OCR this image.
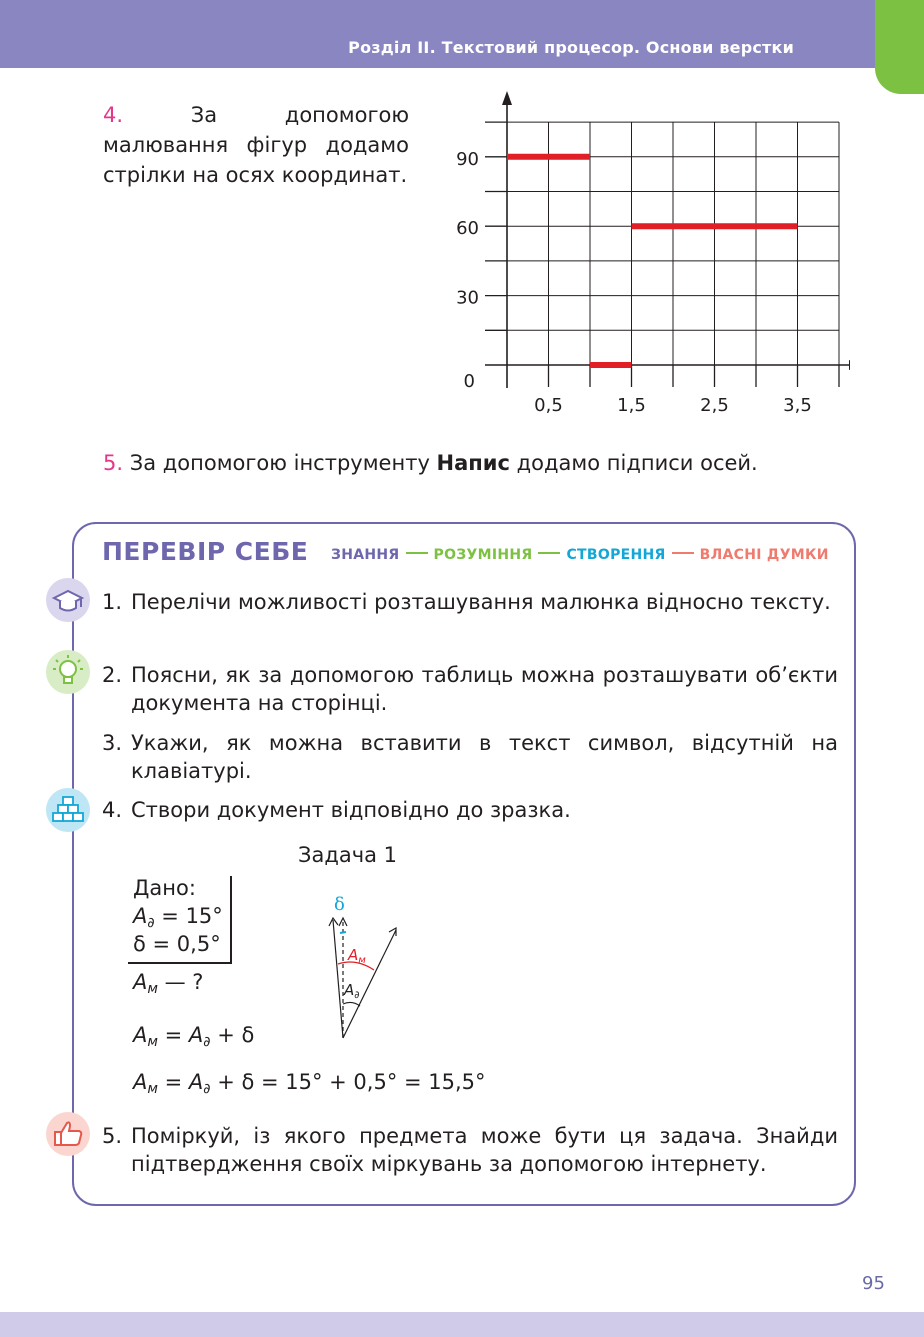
Розділ ІІ. Текстовий процесор. Основи верстки
4.	За допомогою малювання фігур додамо стрілки на осях координат.
0
30
60
90
0,5	1,5	2,5	3,5
5. За допомогою інструменту Напис додамо підписи осей.
ПЕРЕВІР СЕБЕ ЗНАННЯ РОЗУМІННЯ СТВОРЕННЯ ВЛАСНІ ДУМКИ
1. Перелічи можливості розташування малюнка відносно тексту.
2. Поясни, як за допомогою таблиць можна розташувати об’єкти документа на сторінці.
3. Укажи, як можна вставити в текст символ, відсутній на клавіатурі.
4. Створи документ відповідно до зразка.
5. Поміркуй, із якого предмета може бути ця задача. Знайди підтвердження своїх міркувань за допомогою інтернету.
Задача 1
Дано:
A∂ = 15°
δ = 0,5°
Aм — ?
Aм = A∂ + δ
Aм = A∂ + δ = 15° + 0,5° = 15,5°
δ
$A_м$
$A_\partial$
95
